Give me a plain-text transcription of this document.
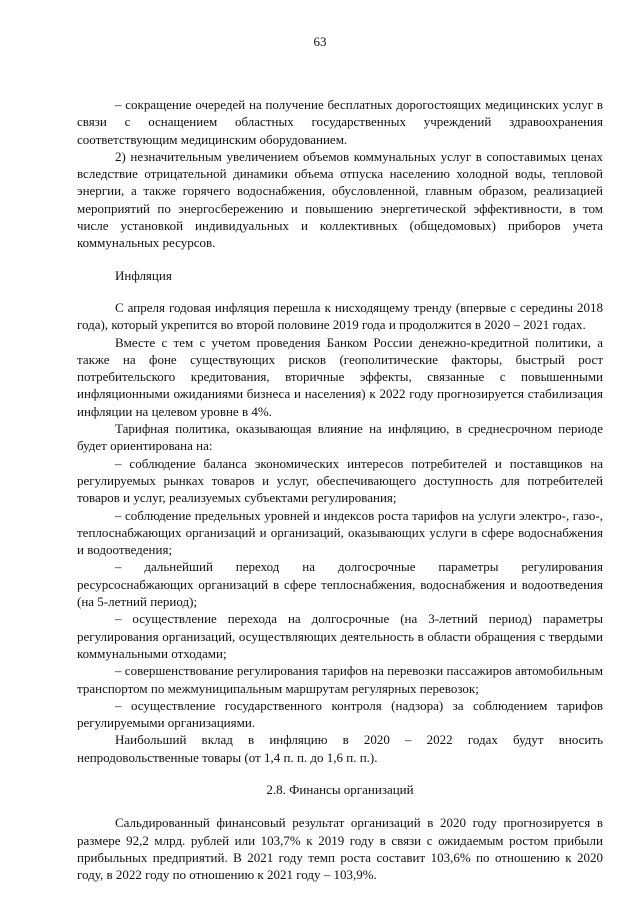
63

– сокращение очередей на получение бесплатных дорогостоящих медицинских услуг в связи с оснащением областных государственных учреждений здравоохранения соответствующим медицинским оборудованием.

2) незначительным увеличением объемов коммунальных услуг в сопоставимых ценах вследствие отрицательной динамики объема отпуска населению холодной воды, тепловой энергии, а также горячего водоснабжения, обусловленной, главным образом, реализацией мероприятий по энергосбережению и повышению энергетической эффективности, в том числе установкой индивидуальных и коллективных (общедомовых) приборов учета коммунальных ресурсов.

Инфляция

С апреля годовая инфляция перешла к нисходящему тренду (впервые с середины 2018 года), который укрепится во второй половине 2019 года и продолжится в 2020 – 2021 годах.

Вместе с тем с учетом проведения Банком России денежно-кредитной политики, а также на фоне существующих рисков (геополитические факторы, быстрый рост потребительского кредитования, вторичные эффекты, связанные с повышенными инфляционными ожиданиями бизнеса и населения) к 2022 году прогнозируется стабилизация инфляции на целевом уровне в 4%.

Тарифная политика, оказывающая влияние на инфляцию, в среднесрочном периоде будет ориентирована на:

– соблюдение баланса экономических интересов потребителей и поставщиков на регулируемых рынках товаров и услуг, обеспечивающего доступность для потребителей товаров и услуг, реализуемых субъектами регулирования;

– соблюдение предельных уровней и индексов роста тарифов на услуги электро-, газо-, теплоснабжающих организаций и организаций, оказывающих услуги в сфере водоснабжения и водоотведения;

– дальнейший переход на долгосрочные параметры регулирования ресурсоснабжающих организаций в сфере теплоснабжения, водоснабжения и водоотведения (на 5-летний период);

– осуществление перехода на долгосрочные (на 3-летний период) параметры регулирования организаций, осуществляющих деятельность в области обращения с твердыми коммунальными отходами;

– совершенствование регулирования тарифов на перевозки пассажиров автомобильным транспортом по межмуниципальным маршрутам регулярных перевозок;

– осуществление государственного контроля (надзора) за соблюдением тарифов регулируемыми организациями.

Наибольший вклад в инфляцию в 2020 – 2022 годах будут вносить непродовольственные товары (от 1,4 п. п. до 1,6 п. п.).

2.8. Финансы организаций

Сальдированный финансовый результат организаций в 2020 году прогнозируется в размере 92,2 млрд. рублей или 103,7% к 2019 году в связи с ожидаемым ростом прибыли прибыльных предприятий. В 2021 году темп роста составит 103,6% по отношению к 2020 году, в 2022 году по отношению к 2021 году – 103,9%.
